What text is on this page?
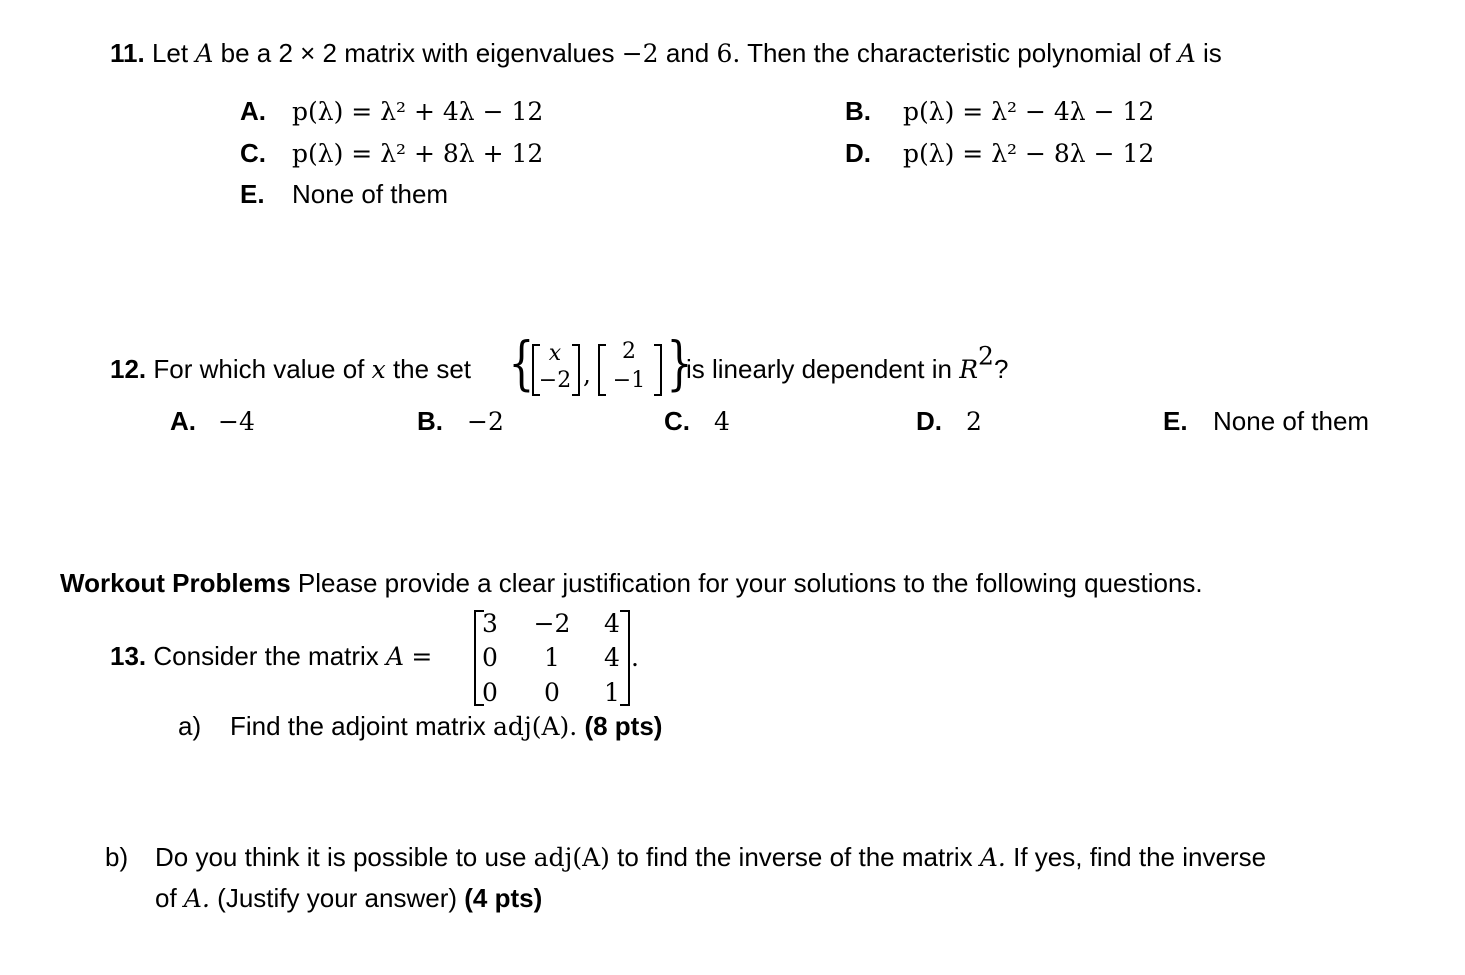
11. Let A be a 2 × 2 matrix with eigenvalues −2 and 6. Then the characteristic polynomial of A is
A. p(λ) = λ² + 4λ − 12	B. p(λ) = λ² − 4λ − 12
C. p(λ) = λ² + 8λ + 12	D. p(λ) = λ² − 8λ − 12
E. None of them
12. For which value of x the set { x
−2 ,
2
−1 }
is linearly dependent in $R^2$?
A. −4	B. −2	C. 4	D. 2	E. None of them
Workout Problems Please provide a clear justification for your solutions to the following questions.
13. Consider the matrix A =
3	−2	4
0	1	4
0	0	1
.
a) Find the adjoint matrix adj(A). (8 pts)
b) Do you think it is possible to use adj(A) to find the inverse of the matrix A. If yes, find the inverse
of A. (Justify your answer) (4 pts)
